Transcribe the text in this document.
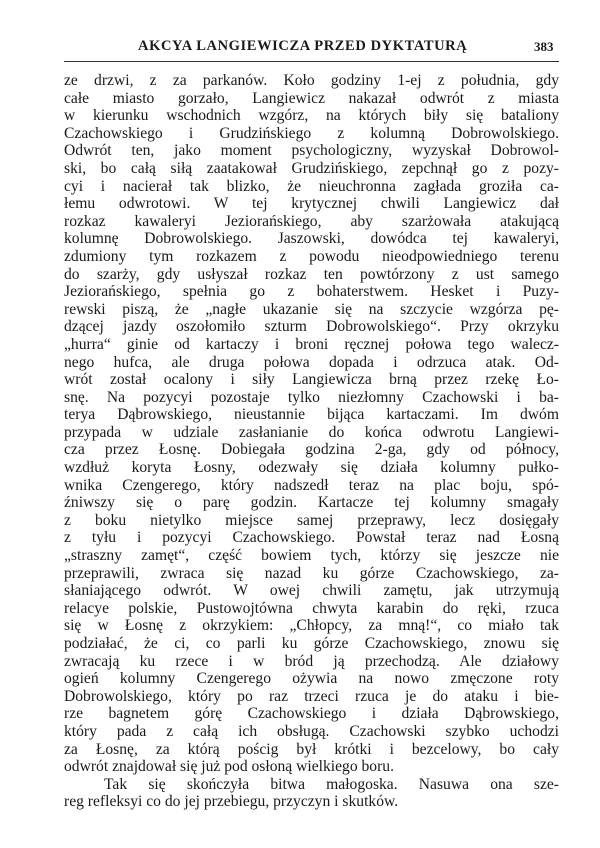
AKCYA LANGIEWICZA PRZED DYKTATURĄ	383
ze drzwi, z za parkanów. Koło godziny 1-ej z południa, gdy
całe miasto gorzało, Langiewicz nakazał odwrót z miasta
w kierunku wschodnich wzgórz, na których biły się bataliony
Czachowskiego i Grudzińskiego z kolumną Dobrowolskiego.
Odwrót ten, jako moment psychologiczny, wyzyskał Dobrowol-
ski, bo całą siłą zaatakował Grudzińskiego, zepchnął go z pozy-
cyi i nacierał tak blizko, że nieuchronna zagłada groziła ca-
łemu odwrotowi. W tej krytycznej chwili Langiewicz dał
rozkaz kawaleryi Jeziorańskiego, aby szarżowała atakującą
kolumnę Dobrowolskiego. Jaszowski, dowódca tej kawaleryi,
zdumiony tym rozkazem z powodu nieodpowiedniego terenu
do szarży, gdy usłyszał rozkaz ten powtórzony z ust samego
Jeziorańskiego, spełnia go z bohaterstwem. Hesket i Puzy-
rewski piszą, że „nagłe ukazanie się na szczycie wzgórza pę-
dzącej jazdy oszołomiło szturm Dobrowolskiego“. Przy okrzyku
„hurra“ ginie od kartaczy i broni ręcznej połowa tego walecz-
nego hufca, ale druga połowa dopada i odrzuca atak. Od-
wrót został ocalony i siły Langiewicza brną przez rzekę Ło-
snę. Na pozycyi pozostaje tylko niezłomny Czachowski i ba-
terya Dąbrowskiego, nieustannie bijąca kartaczami. Im dwóm
przypada w udziale zasłanianie do końca odwrotu Langiewi-
cza przez Łosnę. Dobiegała godzina 2-ga, gdy od północy,
wzdłuż koryta Łosny, odezwały się działa kolumny pułko-
wnika Czengerego, który nadszedł teraz na plac boju, spó-
źniwszy się o parę godzin. Kartacze tej kolumny smagały
z boku nietylko miejsce samej przeprawy, lecz dosięgały
z tyłu i pozycyi Czachowskiego. Powstał teraz nad Łosną
„straszny zamęt“, część bowiem tych, którzy się jeszcze nie
przeprawili, zwraca się nazad ku górze Czachowskiego, za-
słaniającego odwrót. W owej chwili zamętu, jak utrzymują
relacye polskie, Pustowojtówna chwyta karabin do ręki, rzuca
się w Łosnę z okrzykiem: „Chłopcy, za mną!“, co miało tak
podziałać, że ci, co parli ku górze Czachowskiego, znowu się
zwracają ku rzece i w bród ją przechodzą. Ale działowy
ogień kolumny Czengerego ożywia na nowo zmęczone roty
Dobrowolskiego, który po raz trzeci rzuca je do ataku i bie-
rze bagnetem górę Czachowskiego i działa Dąbrowskiego,
który pada z całą ich obsługą. Czachowski szybko uchodzi
za Łosnę, za którą pościg był krótki i bezcelowy, bo cały
odwrót znajdował się już pod osłoną wielkiego boru.
Tak się skończyła bitwa małogoska. Nasuwa ona sze-
reg refleksyi co do jej przebiegu, przyczyn i skutków.
